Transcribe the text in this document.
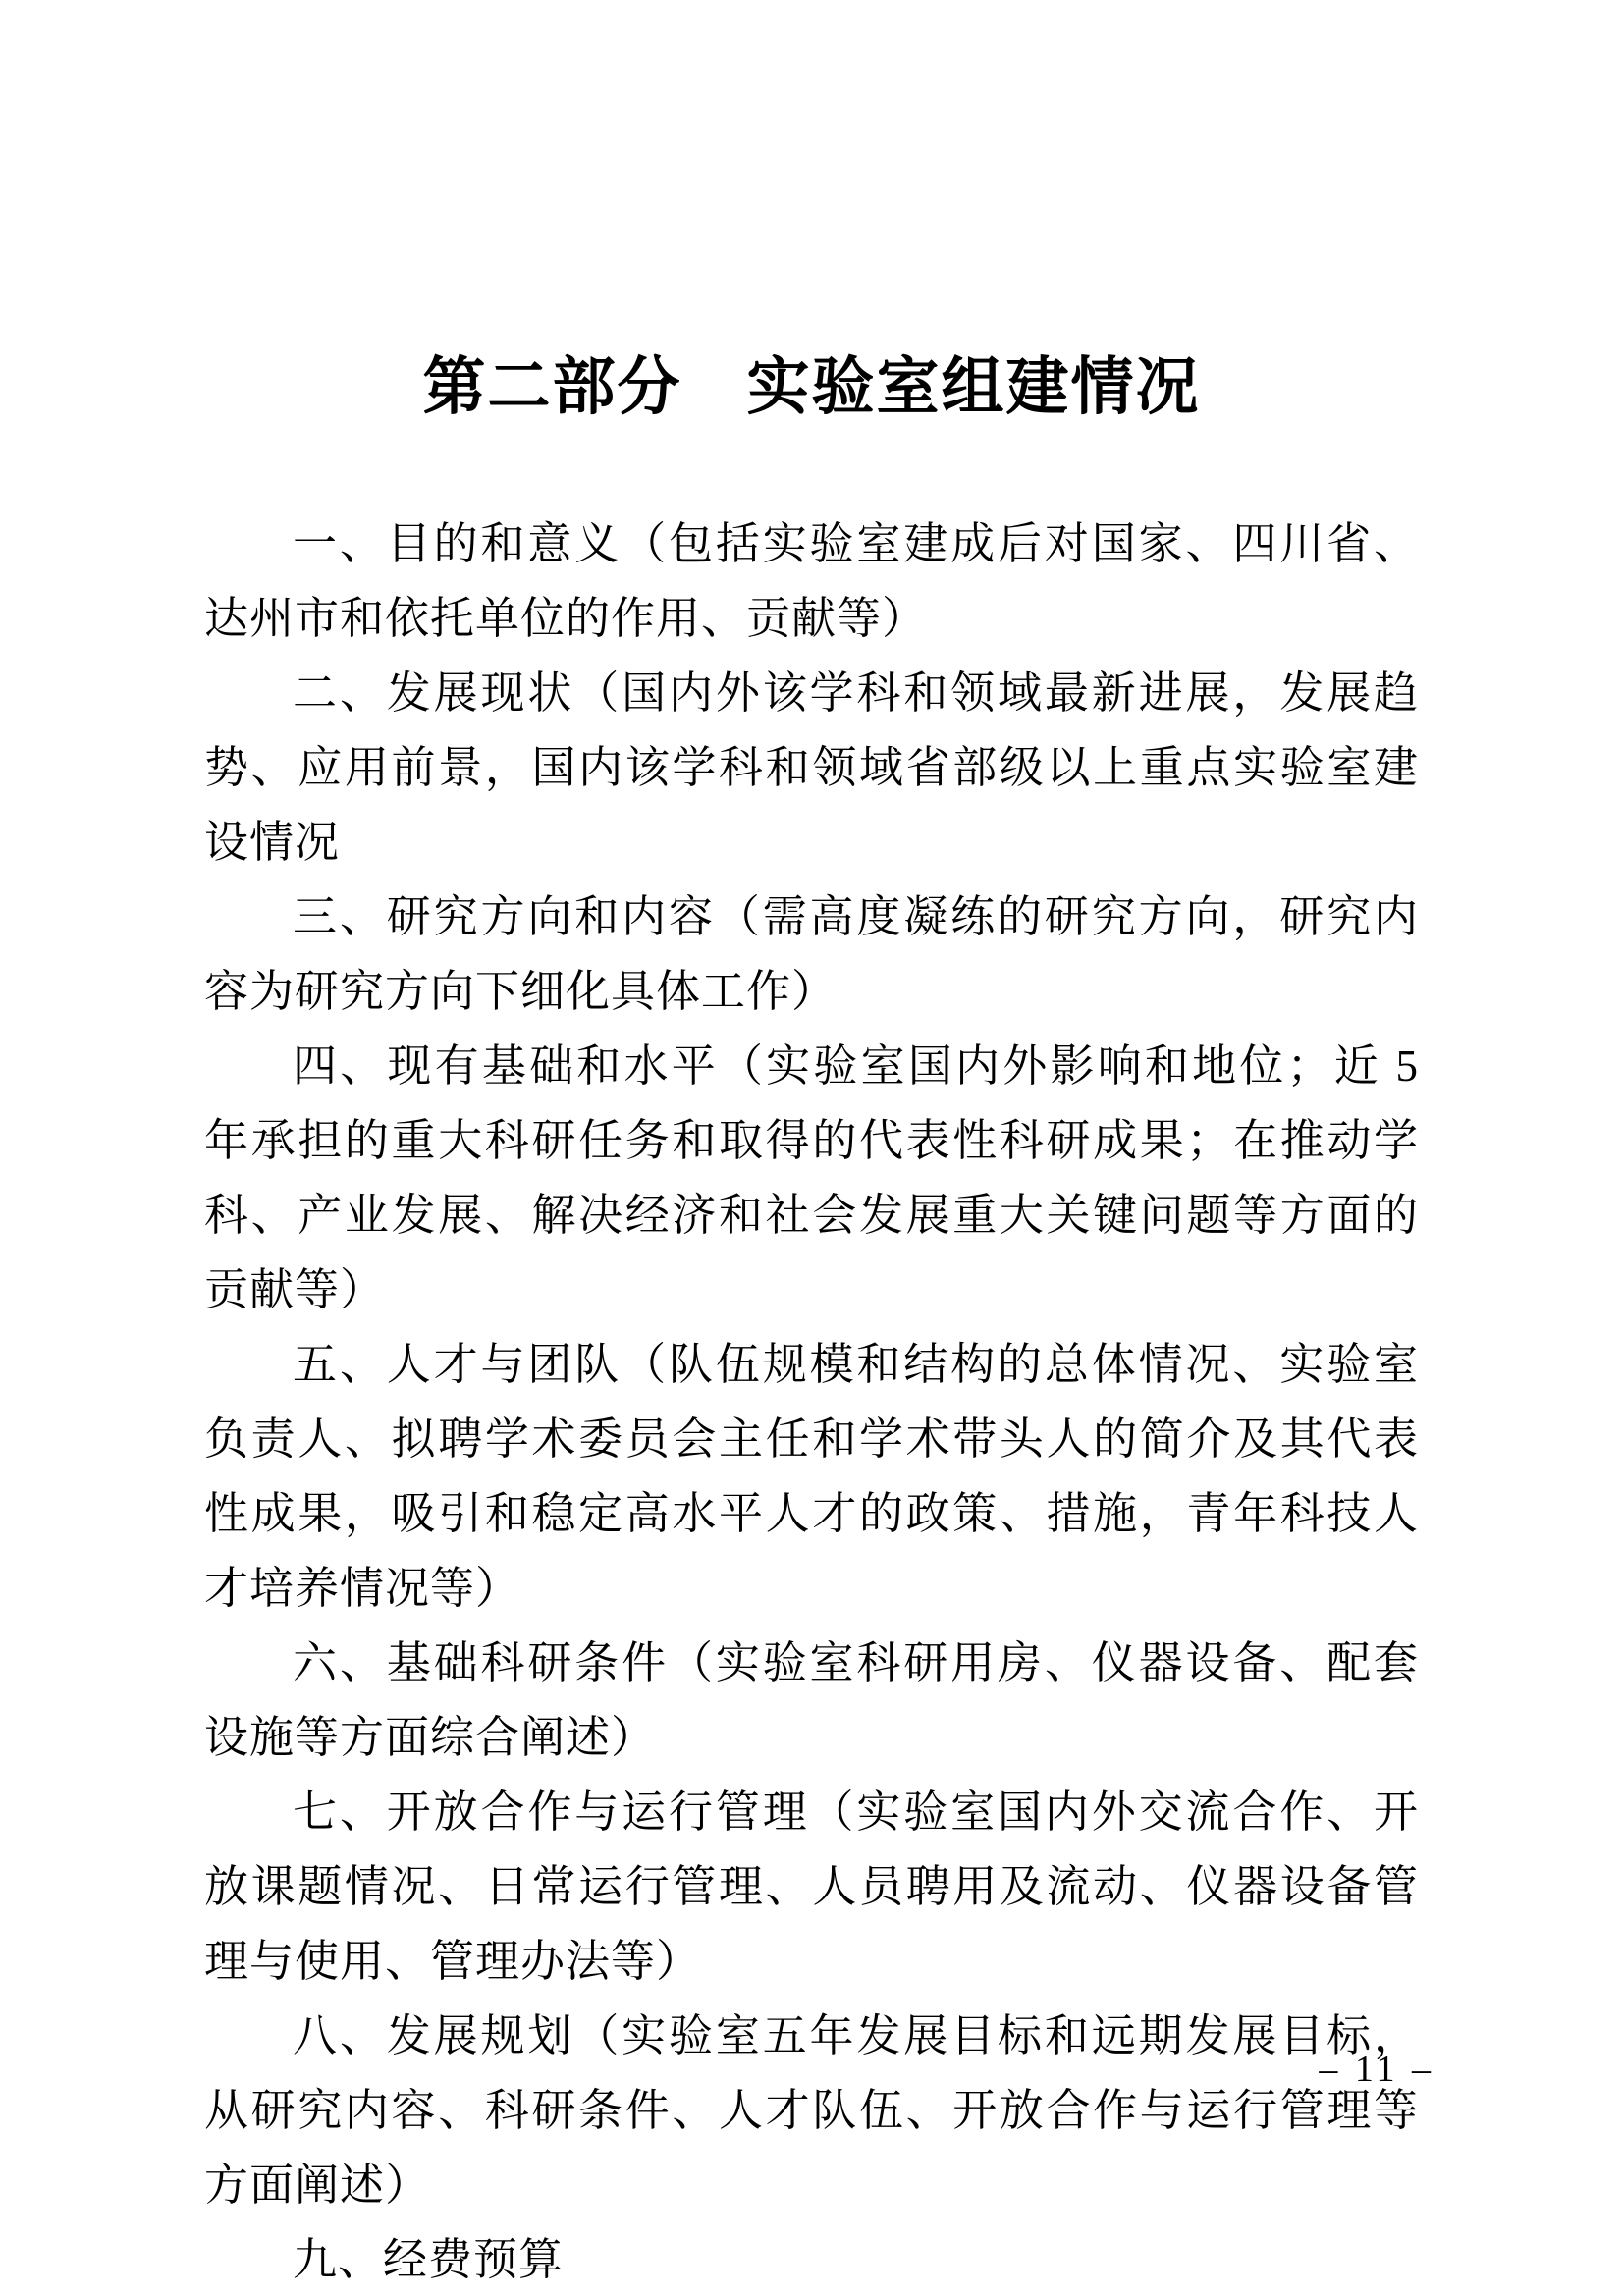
第二部分　实验室组建情况

一、目的和意义（包括实验室建成后对国家、四川省、达州市和依托单位的作用、贡献等）

二、发展现状（国内外该学科和领域最新进展，发展趋势、应用前景，国内该学科和领域省部级以上重点实验室建设情况

三、研究方向和内容（需高度凝练的研究方向，研究内容为研究方向下细化具体工作）

四、现有基础和水平（实验室国内外影响和地位；近 5 年承担的重大科研任务和取得的代表性科研成果；在推动学科、产业发展、解决经济和社会发展重大关键问题等方面的贡献等）

五、人才与团队（队伍规模和结构的总体情况、实验室负责人、拟聘学术委员会主任和学术带头人的简介及其代表性成果，吸引和稳定高水平人才的政策、措施，青年科技人才培养情况等）

六、基础科研条件（实验室科研用房、仪器设备、配套设施等方面综合阐述）

七、开放合作与运行管理（实验室国内外交流合作、开放课题情况、日常运行管理、人员聘用及流动、仪器设备管理与使用、管理办法等）

八、发展规划（实验室五年发展目标和远期发展目标，从研究内容、科研条件、人才队伍、开放合作与运行管理等方面阐述）

九、经费预算

– 11 –
